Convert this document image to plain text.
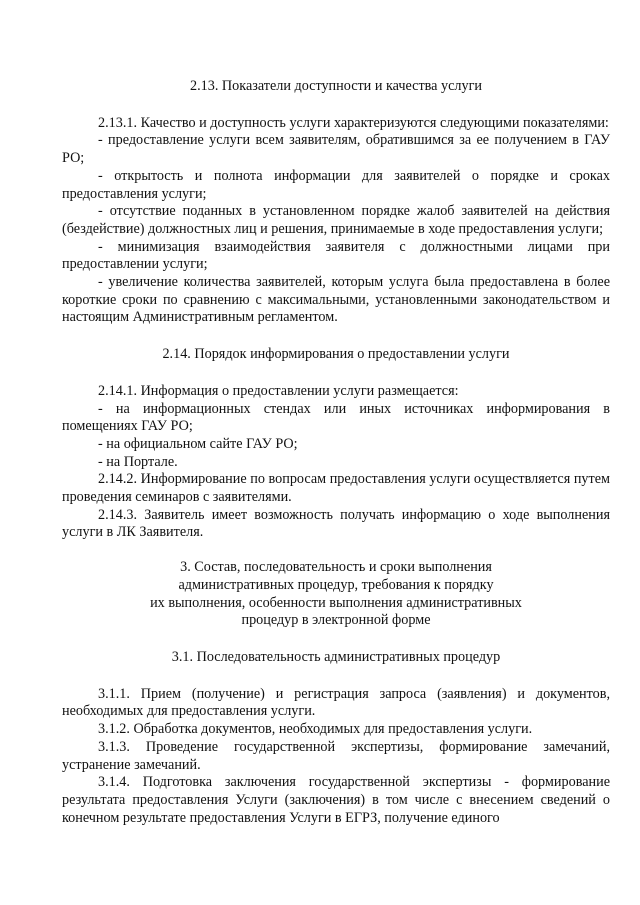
2.13. Показатели доступности и качества услуги

2.13.1. Качество и доступность услуги характеризуются следующими показателями:

- предоставление услуги всем заявителям, обратившимся за ее получением в ГАУ РО;

- открытость и полнота информации для заявителей о порядке и сроках предоставления услуги;

- отсутствие поданных в установленном порядке жалоб заявителей на действия (бездействие) должностных лиц и решения, принимаемые в ходе предоставления услуги;

- минимизация взаимодействия заявителя с должностными лицами при предоставлении услуги;

- увеличение количества заявителей, которым услуга была предоставлена в более короткие сроки по сравнению с максимальными, установленными законодательством и настоящим Административным регламентом.

2.14. Порядок информирования о предоставлении услуги

2.14.1. Информация о предоставлении услуги размещается:

- на информационных стендах или иных источниках информирования в помещениях ГАУ РО;

- на официальном сайте ГАУ РО;

- на Портале.

2.14.2. Информирование по вопросам предоставления услуги осуществляется путем проведения семинаров с заявителями.

2.14.3. Заявитель имеет возможность получать информацию о ходе выполнения услуги в ЛК Заявителя.

3. Состав, последовательность и сроки выполнения
административных процедур, требования к порядку
их выполнения, особенности выполнения административных
процедур в электронной форме
3.1. Последовательность административных процедур

3.1.1. Прием (получение) и регистрация запроса (заявления) и документов, необходимых для предоставления услуги.

3.1.2. Обработка документов, необходимых для предоставления услуги.

3.1.3. Проведение государственной экспертизы, формирование замечаний, устранение замечаний.

3.1.4. Подготовка заключения государственной экспертизы - формирование результата предоставления Услуги (заключения) в том числе с внесением сведений о конечном результате предоставления Услуги в ЕГРЗ, получение единого
